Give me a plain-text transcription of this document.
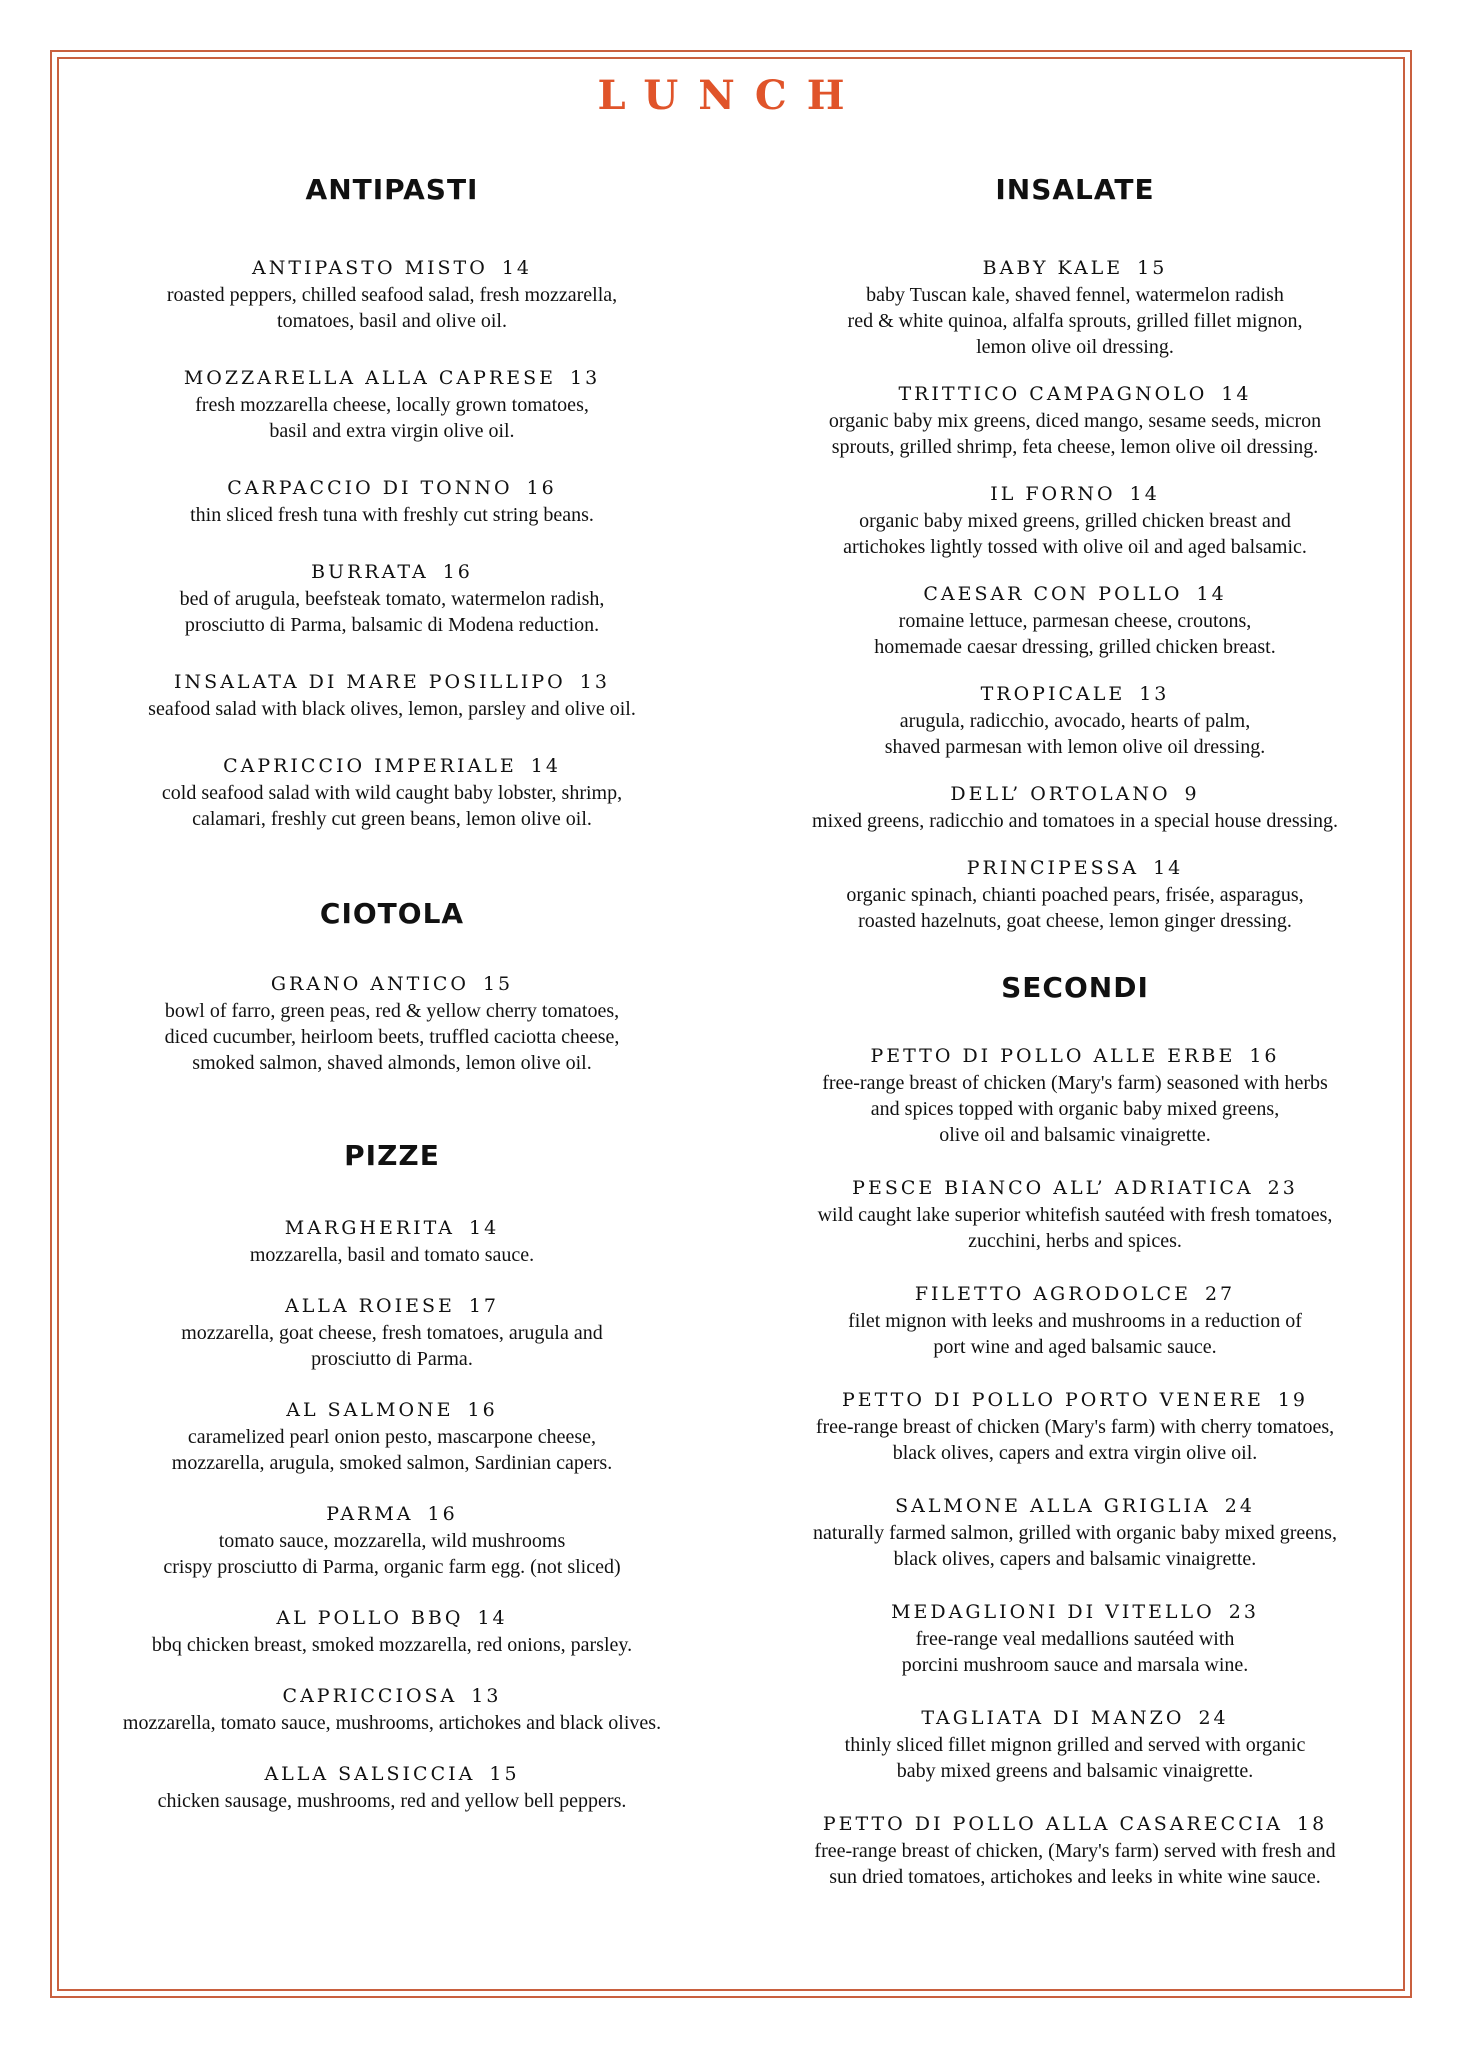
LUNCH
ANTIPASTI
ANTIPASTO MISTO 14
roasted peppers, chilled seafood salad, fresh mozzarella,
tomatoes, basil and olive oil.
MOZZARELLA ALLA CAPRESE 13
fresh mozzarella cheese, locally grown tomatoes,
basil and extra virgin olive oil.
CARPACCIO DI TONNO 16
thin sliced fresh tuna with freshly cut string beans.
BURRATA 16
bed of arugula, beefsteak tomato, watermelon radish,
prosciutto di Parma, balsamic di Modena reduction.
INSALATA DI MARE POSILLIPO 13
seafood salad with black olives, lemon, parsley and olive oil.
CAPRICCIO IMPERIALE 14
cold seafood salad with wild caught baby lobster, shrimp,
calamari, freshly cut green beans, lemon olive oil.
CIOTOLA
GRANO ANTICO 15
bowl of farro, green peas, red & yellow cherry tomatoes,
diced cucumber, heirloom beets, truffled caciotta cheese,
smoked salmon, shaved almonds, lemon olive oil.
PIZZE
MARGHERITA 14
mozzarella, basil and tomato sauce.
ALLA ROIESE 17
mozzarella, goat cheese, fresh tomatoes, arugula and
prosciutto di Parma.
AL SALMONE 16
caramelized pearl onion pesto, mascarpone cheese,
mozzarella, arugula, smoked salmon, Sardinian capers.
PARMA 16
tomato sauce, mozzarella, wild mushrooms
crispy prosciutto di Parma, organic farm egg. (not sliced)
AL POLLO BBQ 14
bbq chicken breast, smoked mozzarella, red onions, parsley.
CAPRICCIOSA 13
mozzarella, tomato sauce, mushrooms, artichokes and black olives.
ALLA SALSICCIA 15
chicken sausage, mushrooms, red and yellow bell peppers.
INSALATE
BABY KALE 15
baby Tuscan kale, shaved fennel, watermelon radish
red & white quinoa, alfalfa sprouts, grilled fillet mignon,
lemon olive oil dressing.
TRITTICO CAMPAGNOLO 14
organic baby mix greens, diced mango, sesame seeds, micron
sprouts, grilled shrimp, feta cheese, lemon olive oil dressing.
IL FORNO 14
organic baby mixed greens, grilled chicken breast and
artichokes lightly tossed with olive oil and aged balsamic.
CAESAR CON POLLO 14
romaine lettuce, parmesan cheese, croutons,
homemade caesar dressing, grilled chicken breast.
TROPICALE 13
arugula, radicchio, avocado, hearts of palm,
shaved parmesan with lemon olive oil dressing.
DELL’ ORTOLANO 9
mixed greens, radicchio and tomatoes in a special house dressing.
PRINCIPESSA 14
organic spinach, chianti poached pears, frisée, asparagus,
roasted hazelnuts, goat cheese, lemon ginger dressing.
SECONDI
PETTO DI POLLO ALLE ERBE 16
free-range breast of chicken (Mary's farm) seasoned with herbs
and spices topped with organic baby mixed greens,
olive oil and balsamic vinaigrette.
PESCE BIANCO ALL’ ADRIATICA 23
wild caught lake superior whitefish sautéed with fresh tomatoes,
zucchini, herbs and spices.
FILETTO AGRODOLCE 27
filet mignon with leeks and mushrooms in a reduction of
port wine and aged balsamic sauce.
PETTO DI POLLO PORTO VENERE 19
free-range breast of chicken (Mary's farm) with cherry tomatoes,
black olives, capers and extra virgin olive oil.
SALMONE ALLA GRIGLIA 24
naturally farmed salmon, grilled with organic baby mixed greens,
black olives, capers and balsamic vinaigrette.
MEDAGLIONI DI VITELLO 23
free-range veal medallions sautéed with
porcini mushroom sauce and marsala wine.
TAGLIATA DI MANZO 24
thinly sliced fillet mignon grilled and served with organic
baby mixed greens and balsamic vinaigrette.
PETTO DI POLLO ALLA CASARECCIA 18
free-range breast of chicken, (Mary's farm) served with fresh and
sun dried tomatoes, artichokes and leeks in white wine sauce.
